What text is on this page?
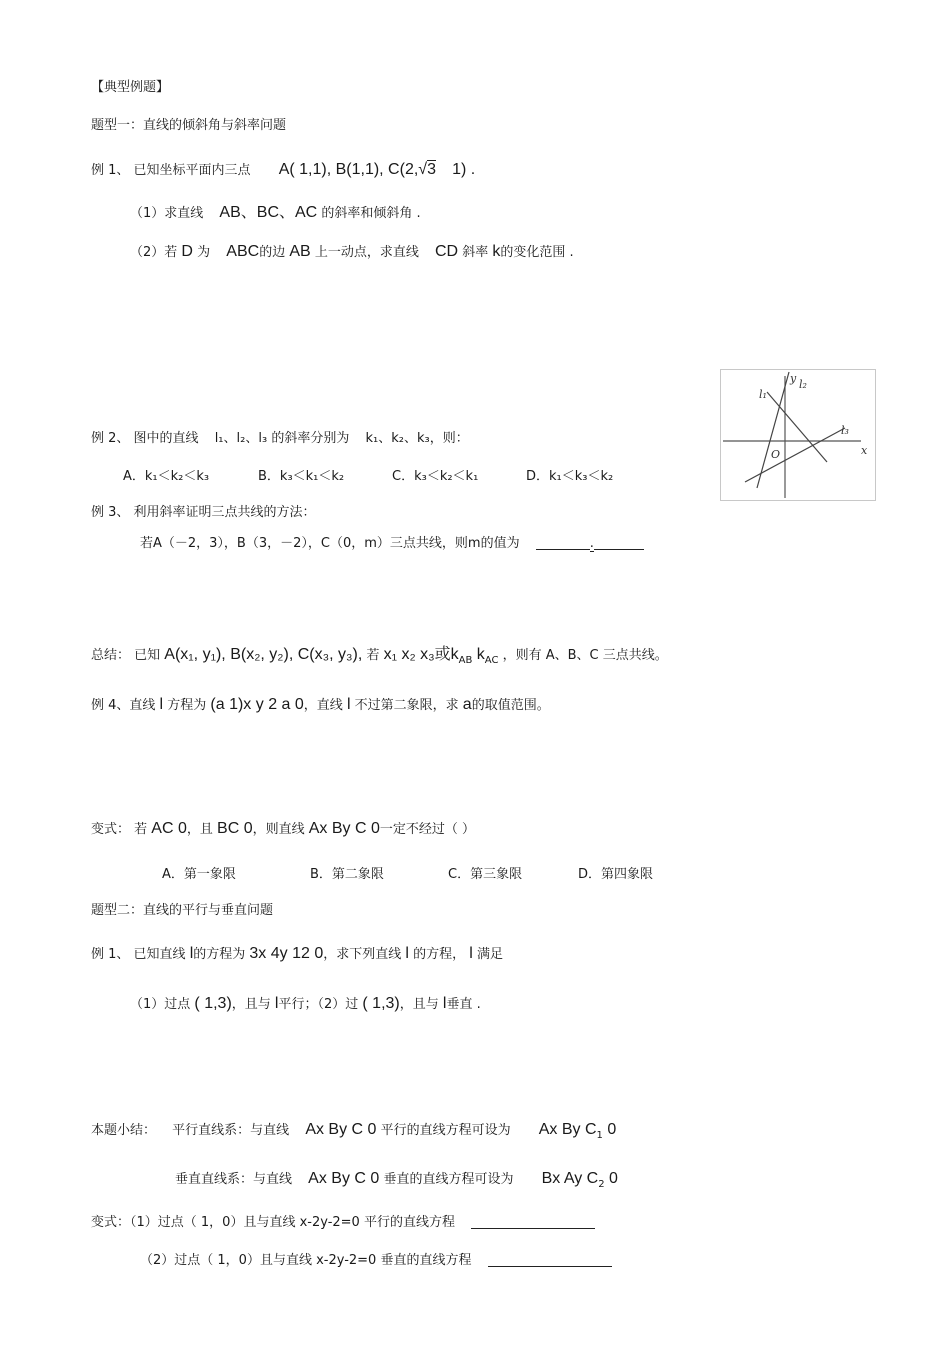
【典型例题】
题型一：直线的倾斜角与斜率问题
例 1、 已知坐标平面内三点 A( 1,1), B(1,1), C(2,√3 1) .
（1）求直线 AB、BC、AC 的斜率和倾斜角 .
（2）若 D 为 ABC的边 AB 上一动点，求直线 CD 斜率 k的变化范围 .
y
x
l₁
l₂
l₃
O
例 2、 图中的直线 l₁、l₂、l₃ 的斜率分别为 k₁、k₂、k₃，则：
A．k₁＜k₂＜k₃	B．k₃＜k₁＜k₂	C．k₃＜k₂＜k₁	D．k₁＜k₃＜k₂
例 3、 利用斜率证明三点共线的方法：
若A（－2，3），B（3，－2），C（0，m）三点共线，则m的值为	.
总结： 已知 A(x₁, y₁), B(x₂, y₂), C(x₃, y₃), 若 x₁ x₂ x₃或$k_{AB}$ $k_{AC}$ ，则有 A、B、C 三点共线。
例 4、直线 l 方程为 (a 1)x y 2 a 0，直线 l 不过第二象限，求 a的取值范围。
变式： 若 AC 0，且 BC 0，则直线 Ax By C 0一定不经过（ ）
A．第一象限	B．第二象限	C．第三象限	D．第四象限
题型二：直线的平行与垂直问题
例 1、 已知直线 l的方程为 3x 4y 12 0，求下列直线 l 的方程， l 满足
（1）过点 ( 1,3)，且与 l平行；（2）过 ( 1,3)，且与 l垂直 .
本题小结： 平行直线系：与直线 Ax By C 0 平行的直线方程可设为 Ax By $C_1$ 0
垂直直线系：与直线 Ax By C 0 垂直的直线方程可设为 Bx Ay $C_2$ 0
变式：（1）过点（ 1，0）且与直线 x-2y-2=0 平行的直线方程
（2）过点（ 1，0）且与直线 x-2y-2=0 垂直的直线方程
